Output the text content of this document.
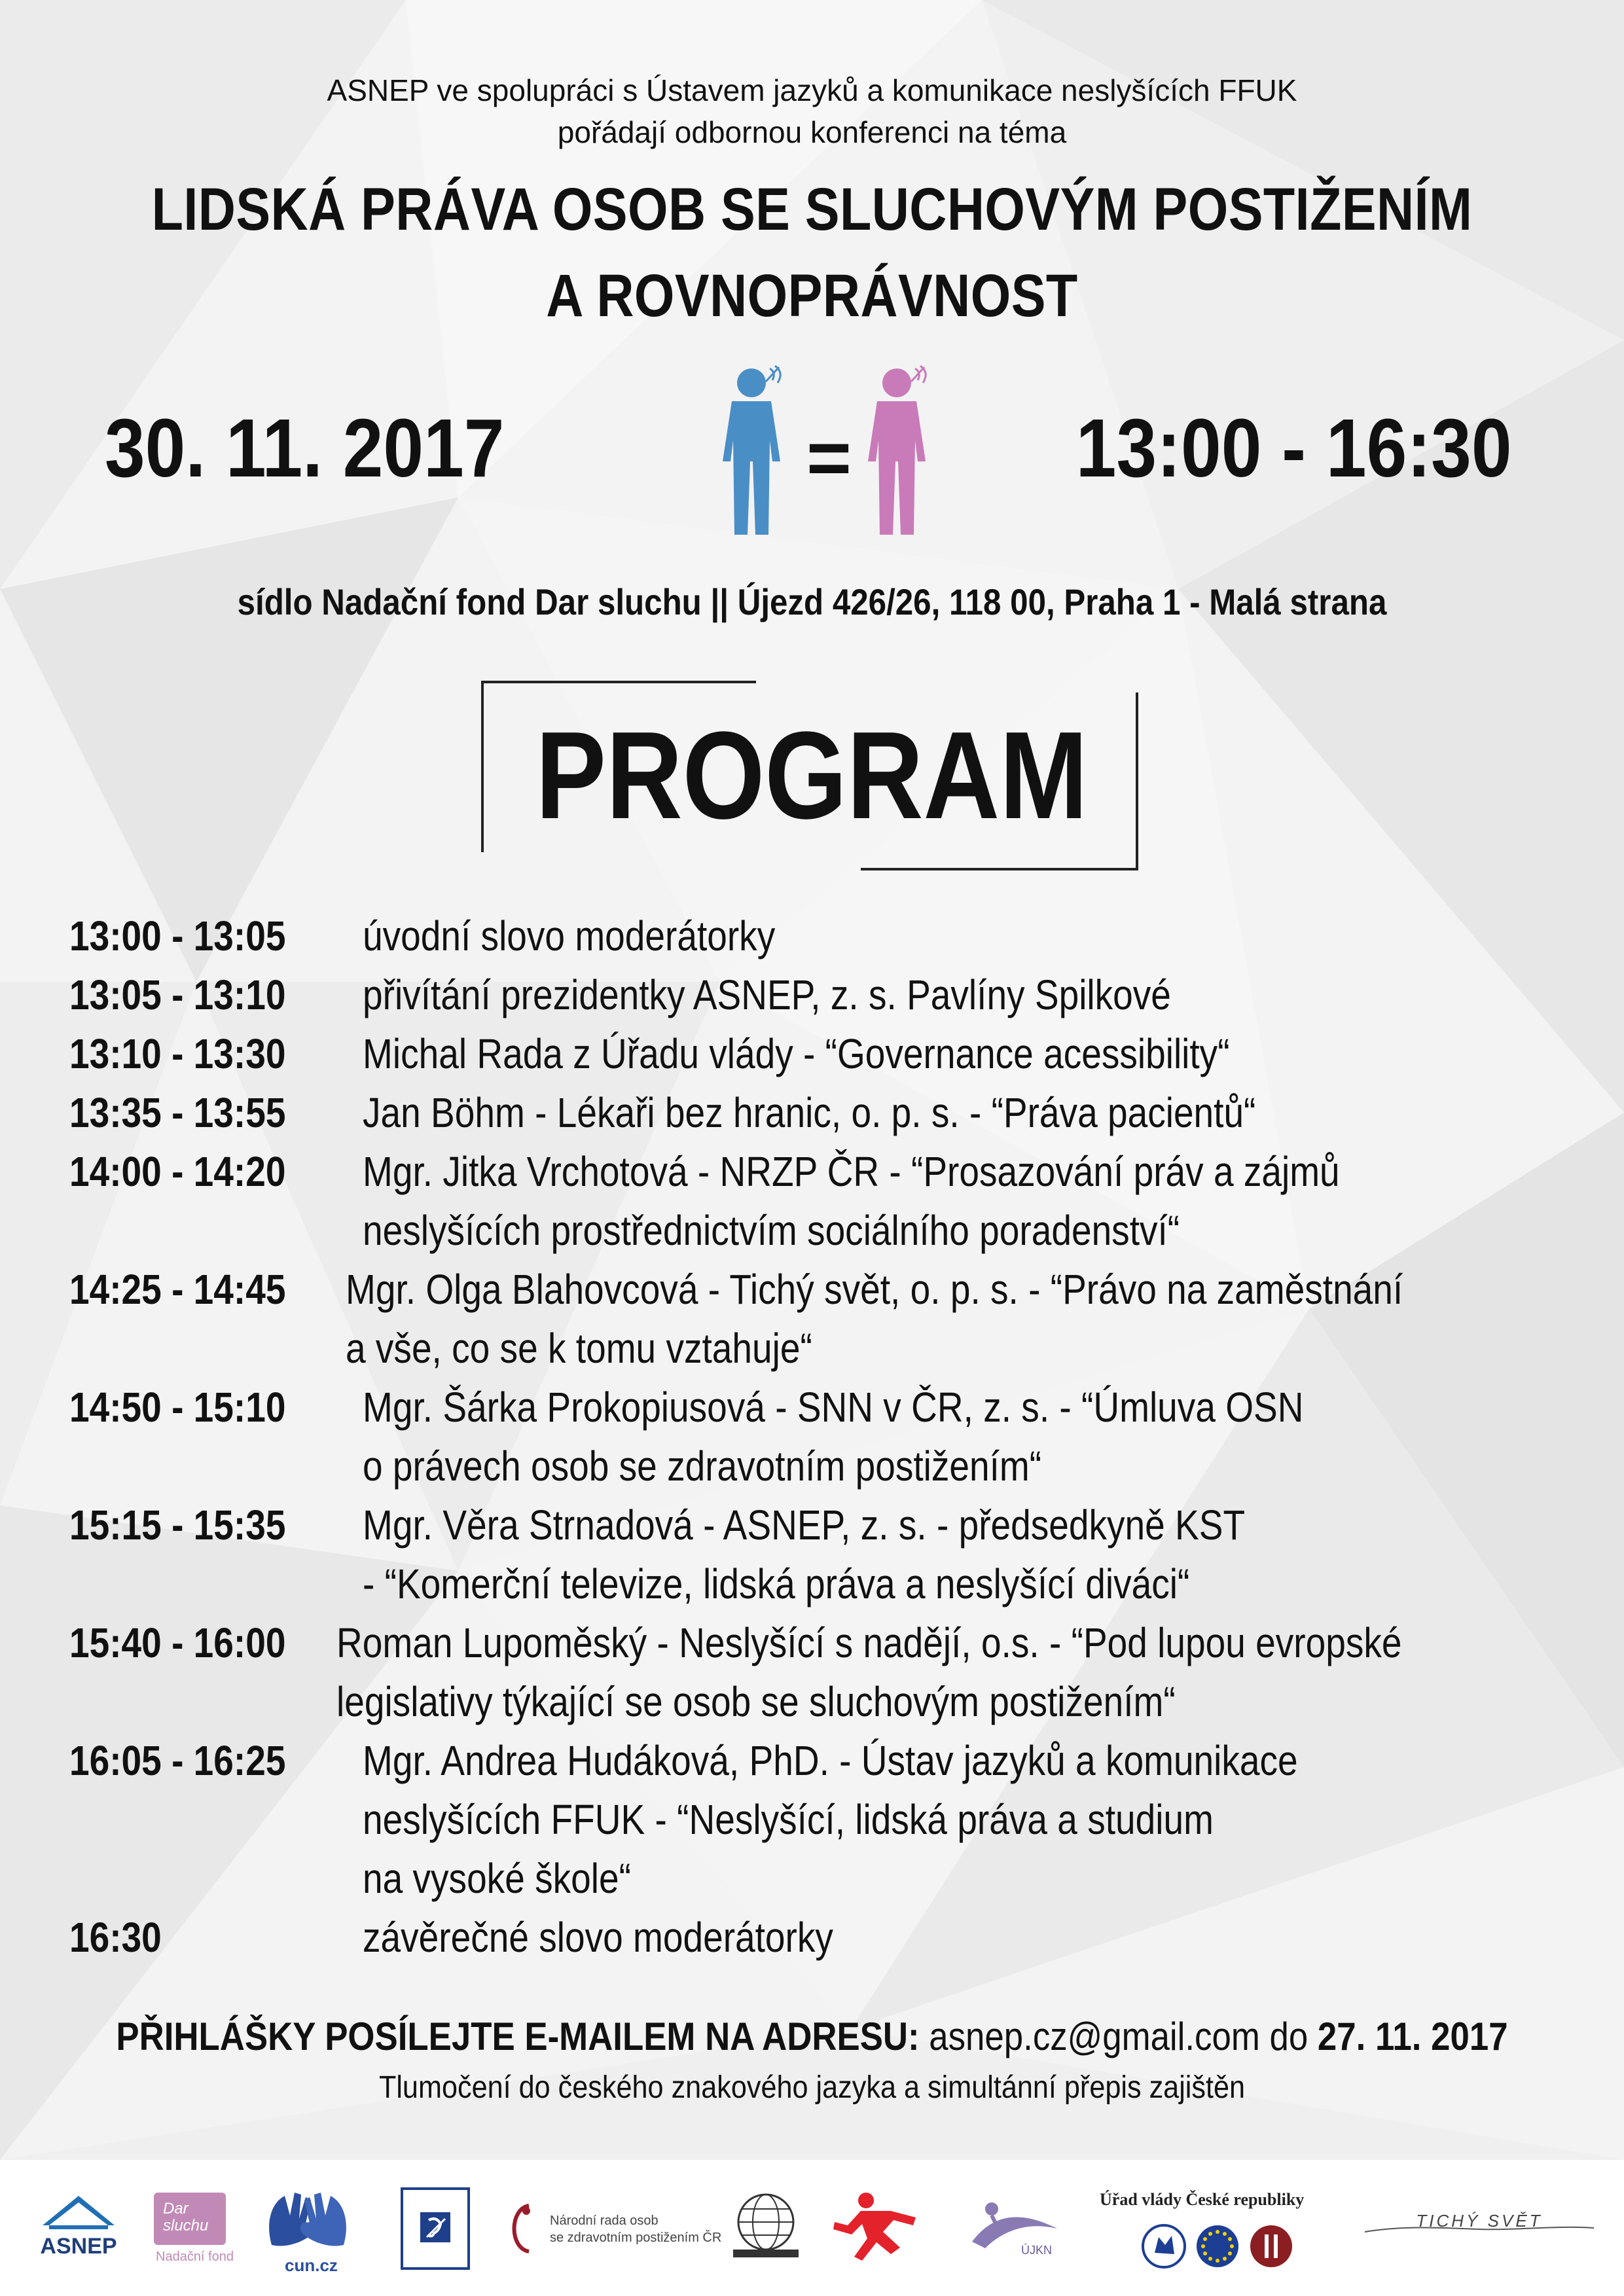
ASNEP ve spolupráci s Ústavem jazyků a komunikace neslyšících FFUK
pořádají odbornou konferenci na téma
LIDSKÁ PRÁVA OSOB SE SLUCHOVÝM POSTIŽENÍM
A ROVNOPRÁVNOST
30. 11. 2017	=	13:00 - 16:30
sídlo Nadační fond Dar sluchu || Újezd 426/26, 118 00, Praha 1 - Malá strana
PROGRAM
13:00 - 13:05	úvodní slovo moderátorky
13:05 - 13:10	přivítání prezidentky ASNEP, z. s. Pavlíny Spilkové
13:10 - 13:30	Michal Rada z Úřadu vlády - “Governance acessibility“
13:35 - 13:55	Jan Böhm - Lékaři bez hranic, o. p. s. - “Práva pacientů“
14:00 - 14:20	Mgr. Jitka Vrchotová - NRZP ČR - “Prosazování práv a zájmů
neslyšících prostřednictvím sociálního poradenství“
14:25 - 14:45	Mgr. Olga Blahovcová - Tichý svět, o. p. s. - “Právo na zaměstnání
a vše, co se k tomu vztahuje“
14:50 - 15:10	Mgr. Šárka Prokopiusová - SNN v ČR, z. s. - “Úmluva OSN
o právech osob se zdravotním postižením“
15:15 - 15:35	Mgr. Věra Strnadová - ASNEP, z. s. - předsedkyně KST
- “Komerční televize, lidská práva a neslyšící diváci“
15:40 - 16:00	Roman Lupoměský - Neslyšící s nadějí, o.s. - “Pod lupou evropské
legislativy týkající se osob se sluchovým postižením“
16:05 - 16:25	Mgr. Andrea Hudáková, PhD. - Ústav jazyků a komunikace
neslyšících FFUK - “Neslyšící, lidská práva a studium
na vysoké škole“
16:30	závěrečné slovo moderátorky
PŘIHLÁŠKY POSÍLEJTE E-MAILEM NA ADRESU: asnep.cz@gmail.com do 27. 11. 2017
Tlumočení do českého znakového jazyka a simultánní přepis zajištěn
ASNEP
Dar
sluchu
Nadační fond	cun.cz
Národní rada osob
se zdravotním postižením ČR
ÚJKN
Úřad vlády České republiky
TICHÝ SVĚT
